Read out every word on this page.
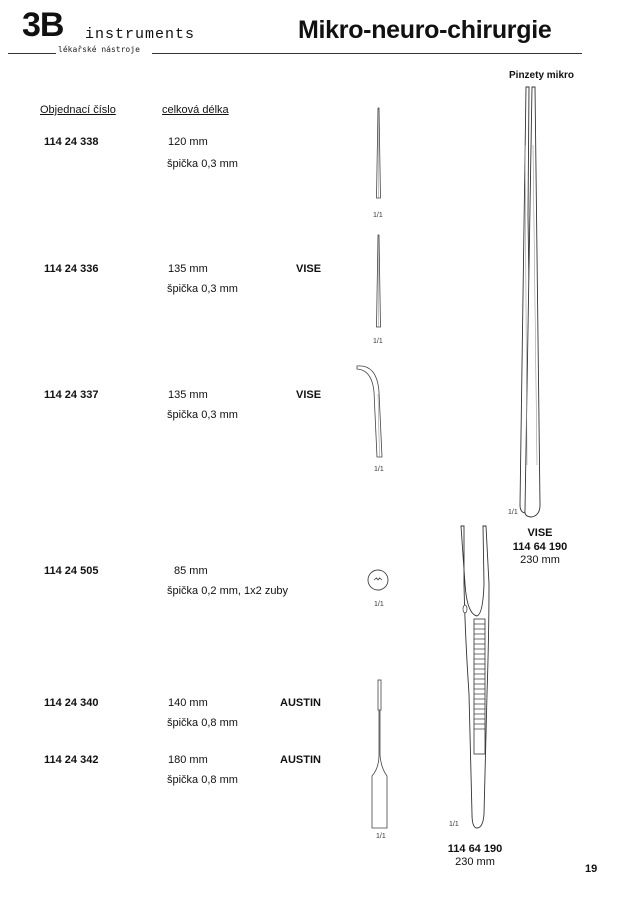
3B instruments
lékařské nástroje
Mikro-neuro-chirurgie
Pinzety mikro
Objednací číslo	celková délka
114 24 338	120 mm
špička 0,3 mm
114 24 336	135 mm	VISE
špička 0,3 mm
114 24 337	135 mm	VISE
špička 0,3 mm
114 24 505	85 mm
špička 0,2 mm, 1x2 zuby
114 24 340	140 mm	AUSTIN
špička 0,8 mm
114 24 342	180 mm	AUSTIN
špička 0,8 mm
1/1
1/1
1/1
1/1
1/1
1/1
VISE
114 64 190
230 mm
1/1
114 64 190
230 mm
19
